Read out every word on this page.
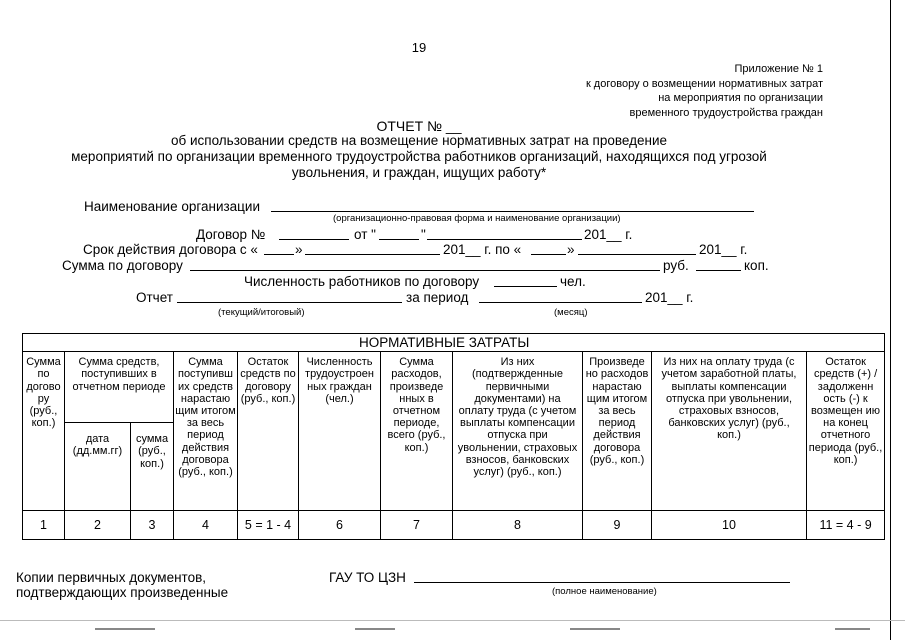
19
Приложение № 1
к договору о возмещении нормативных затрат
на мероприятия по организации
временного трудоустройства граждан
ОТЧЕТ № __
об использовании средств на возмещение нормативных затрат на проведение
мероприятий по организации временного трудоустройства работников организаций, находящихся под угрозой
увольнения, и граждан, ищущих работу*
Наименование организации
(организационно-правовая форма и наименование организации)
Договор №	от "	"	201__ г.
Срок действия договора с «	»	201__ г. по «	»	201__ г.
Сумма по договору	руб.	коп.
Численность работников по договору	чел.
Отчет	за период	201__ г.
(текущий/итоговый)	(месяц)
НОРМАТИВНЫЕ ЗАТРАТЫ										
Сумма по догово ру (руб., коп.)	Сумма средств, поступивших в отчетном периоде		Сумма поступивш их средств нарастаю щим итогом за весь период действия договора (руб., коп.)	Остаток средств по договору (руб., коп.)	Численность трудоустроен ных граждан (чел.)	Сумма расходов, произведе нных в отчетном периоде, всего (руб., коп.)	Из них (подтвержденные первичными документами) на оплату труда (с учетом выплаты компенсации отпуска при увольнении, страховых взносов, банковских услуг) (руб., коп.)	Произведе но расходов нарастаю щим итогом за весь период действия договора (руб., коп.)	Из них на оплату труда (с учетом заработной платы, выплаты компенсации отпуска при увольнении, страховых взносов, банковских услуг) (руб., коп.)	Остаток средств (+) / задолженн ость (-) к возмещен ию на конец отчетного периода (руб., коп.)
	дата (дд.мм.гг)	сумма (руб., коп.)								
1	2	3	4	5 = 1 - 4	6	7	8	9	10	11 = 4 - 9
Копии первичных документов,
подтверждающих произведенные
ГАУ ТО ЦЗН
(полное наименование)
